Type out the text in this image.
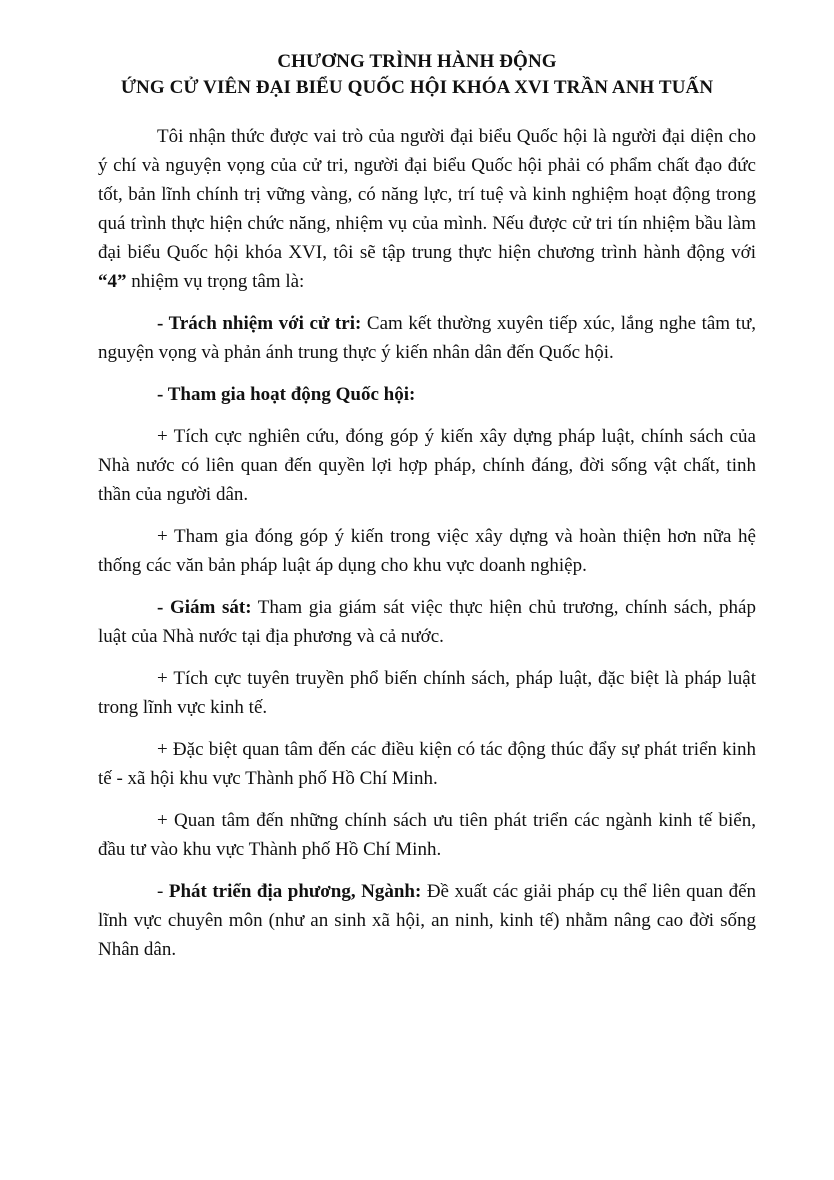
CHƯƠNG TRÌNH HÀNH ĐỘNG
ỨNG CỬ VIÊN ĐẠI BIỂU QUỐC HỘI KHÓA XVI TRẦN ANH TUẤN

Tôi nhận thức được vai trò của người đại biểu Quốc hội là người đại diện cho ý chí và nguyện vọng của cử tri, người đại biểu Quốc hội phải có phẩm chất đạo đức tốt, bản lĩnh chính trị vững vàng, có năng lực, trí tuệ và kinh nghiệm hoạt động trong quá trình thực hiện chức năng, nhiệm vụ của mình. Nếu được cử tri tín nhiệm bầu làm đại biểu Quốc hội khóa XVI, tôi sẽ tập trung thực hiện chương trình hành động với “4” nhiệm vụ trọng tâm là:

- Trách nhiệm với cử tri: Cam kết thường xuyên tiếp xúc, lắng nghe tâm tư, nguyện vọng và phản ánh trung thực ý kiến nhân dân đến Quốc hội.

- Tham gia hoạt động Quốc hội:

+ Tích cực nghiên cứu, đóng góp ý kiến xây dựng pháp luật, chính sách của Nhà nước có liên quan đến quyền lợi hợp pháp, chính đáng, đời sống vật chất, tinh thần của người dân.

+ Tham gia đóng góp ý kiến trong việc xây dựng và hoàn thiện hơn nữa hệ thống các văn bản pháp luật áp dụng cho khu vực doanh nghiệp.

- Giám sát: Tham gia giám sát việc thực hiện chủ trương, chính sách, pháp luật của Nhà nước tại địa phương và cả nước.

+ Tích cực tuyên truyền phổ biến chính sách, pháp luật, đặc biệt là pháp luật trong lĩnh vực kinh tế.

+ Đặc biệt quan tâm đến các điều kiện có tác động thúc đẩy sự phát triển kinh tế - xã hội khu vực Thành phố Hồ Chí Minh.

+ Quan tâm đến những chính sách ưu tiên phát triển các ngành kinh tế biển, đầu tư vào khu vực Thành phố Hồ Chí Minh.

- Phát triển địa phương, Ngành: Đề xuất các giải pháp cụ thể liên quan đến lĩnh vực chuyên môn (như an sinh xã hội, an ninh, kinh tế) nhằm nâng cao đời sống Nhân dân.
